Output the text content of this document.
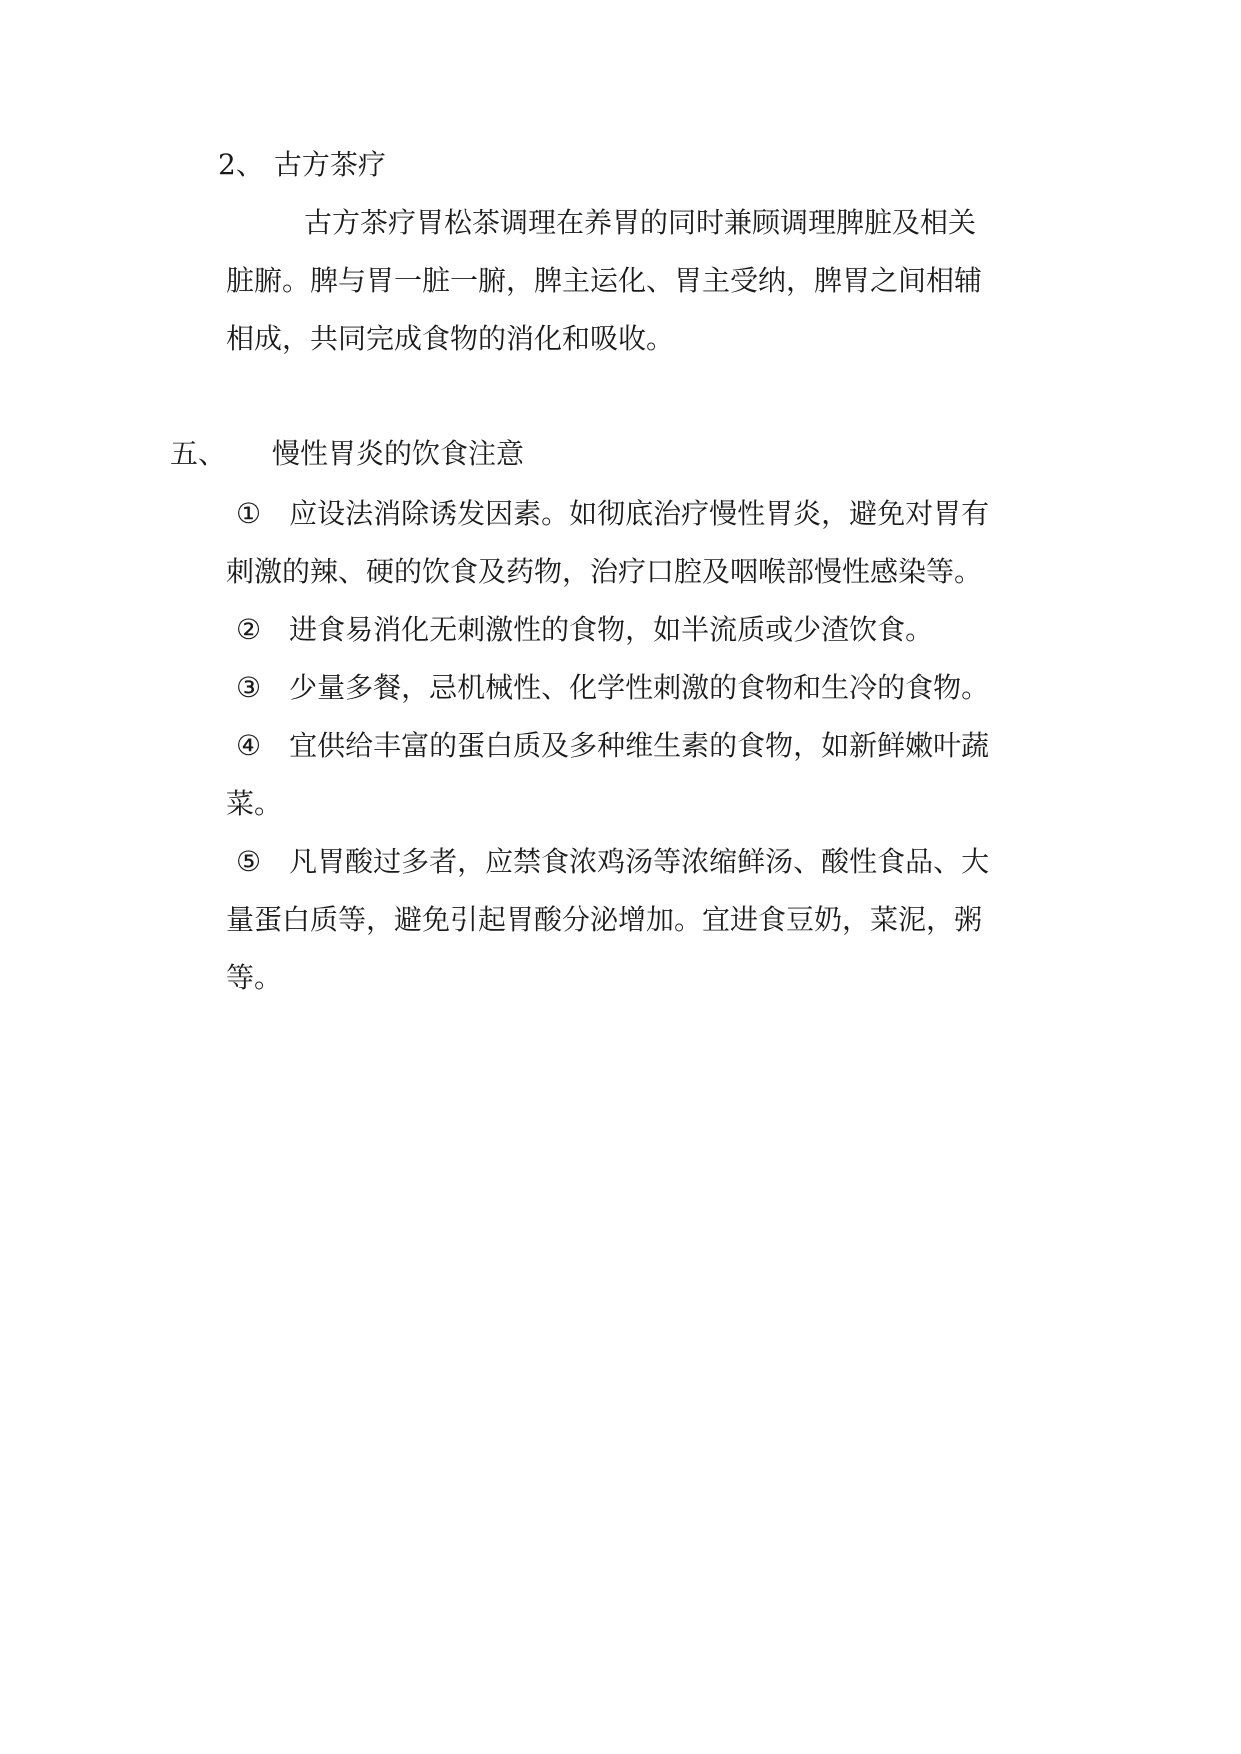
2、 古方茶疗
古方茶疗胃松茶调理在养胃的同时兼顾调理脾脏及相关
脏腑。脾与胃一脏一腑，脾主运化、胃主受纳，脾胃之间相辅
相成，共同完成食物的消化和吸收。
五、 慢性胃炎的饮食注意
① 应设法消除诱发因素。如彻底治疗慢性胃炎，避免对胃有
刺激的辣、硬的饮食及药物，治疗口腔及咽喉部慢性感染等。
② 进食易消化无刺激性的食物，如半流质或少渣饮食。
③ 少量多餐，忌机械性、化学性刺激的食物和生冷的食物。
④ 宜供给丰富的蛋白质及多种维生素的食物，如新鲜嫩叶蔬
菜。
⑤ 凡胃酸过多者，应禁食浓鸡汤等浓缩鲜汤、酸性食品、大
量蛋白质等，避免引起胃酸分泌增加。宜进食豆奶，菜泥，粥
等。
